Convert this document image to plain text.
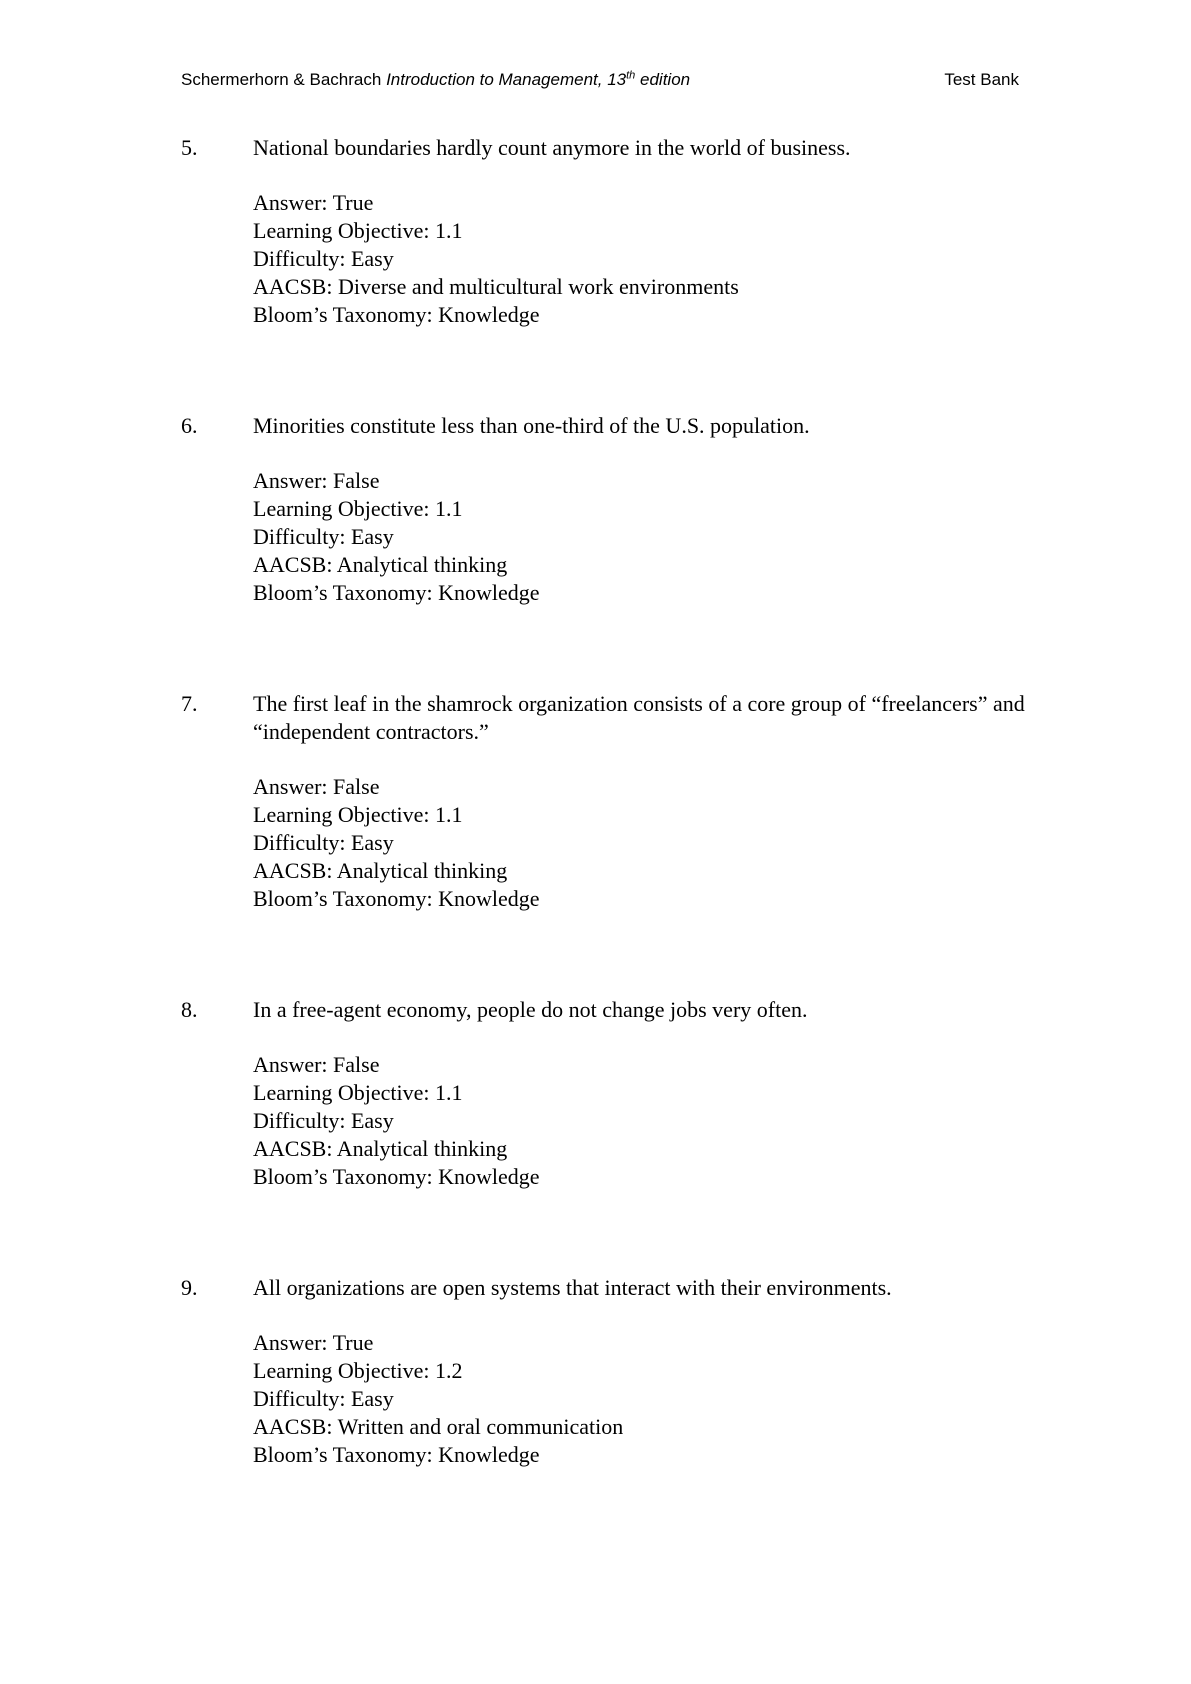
Schermerhorn & Bachrach Introduction to Management, 13th edition	Test Bank
5.	National boundaries hardly count anymore in the world of business.

Answer: True

Learning Objective: 1.1

Difficulty: Easy

AACSB: Diverse and multicultural work environments

Bloom’s Taxonomy: Knowledge

6.	Minorities constitute less than one-third of the U.S. population.

Answer: False

Learning Objective: 1.1

Difficulty: Easy

AACSB: Analytical thinking

Bloom’s Taxonomy: Knowledge

7.	The first leaf in the shamrock organization consists of a core group of “freelancers” and “independent contractors.”

Answer: False

Learning Objective: 1.1

Difficulty: Easy

AACSB: Analytical thinking

Bloom’s Taxonomy: Knowledge

8.	In a free-agent economy, people do not change jobs very often.

Answer: False

Learning Objective: 1.1

Difficulty: Easy

AACSB: Analytical thinking

Bloom’s Taxonomy: Knowledge

9.	All organizations are open systems that interact with their environments.

Answer: True

Learning Objective: 1.2

Difficulty: Easy

AACSB: Written and oral communication

Bloom’s Taxonomy: Knowledge
